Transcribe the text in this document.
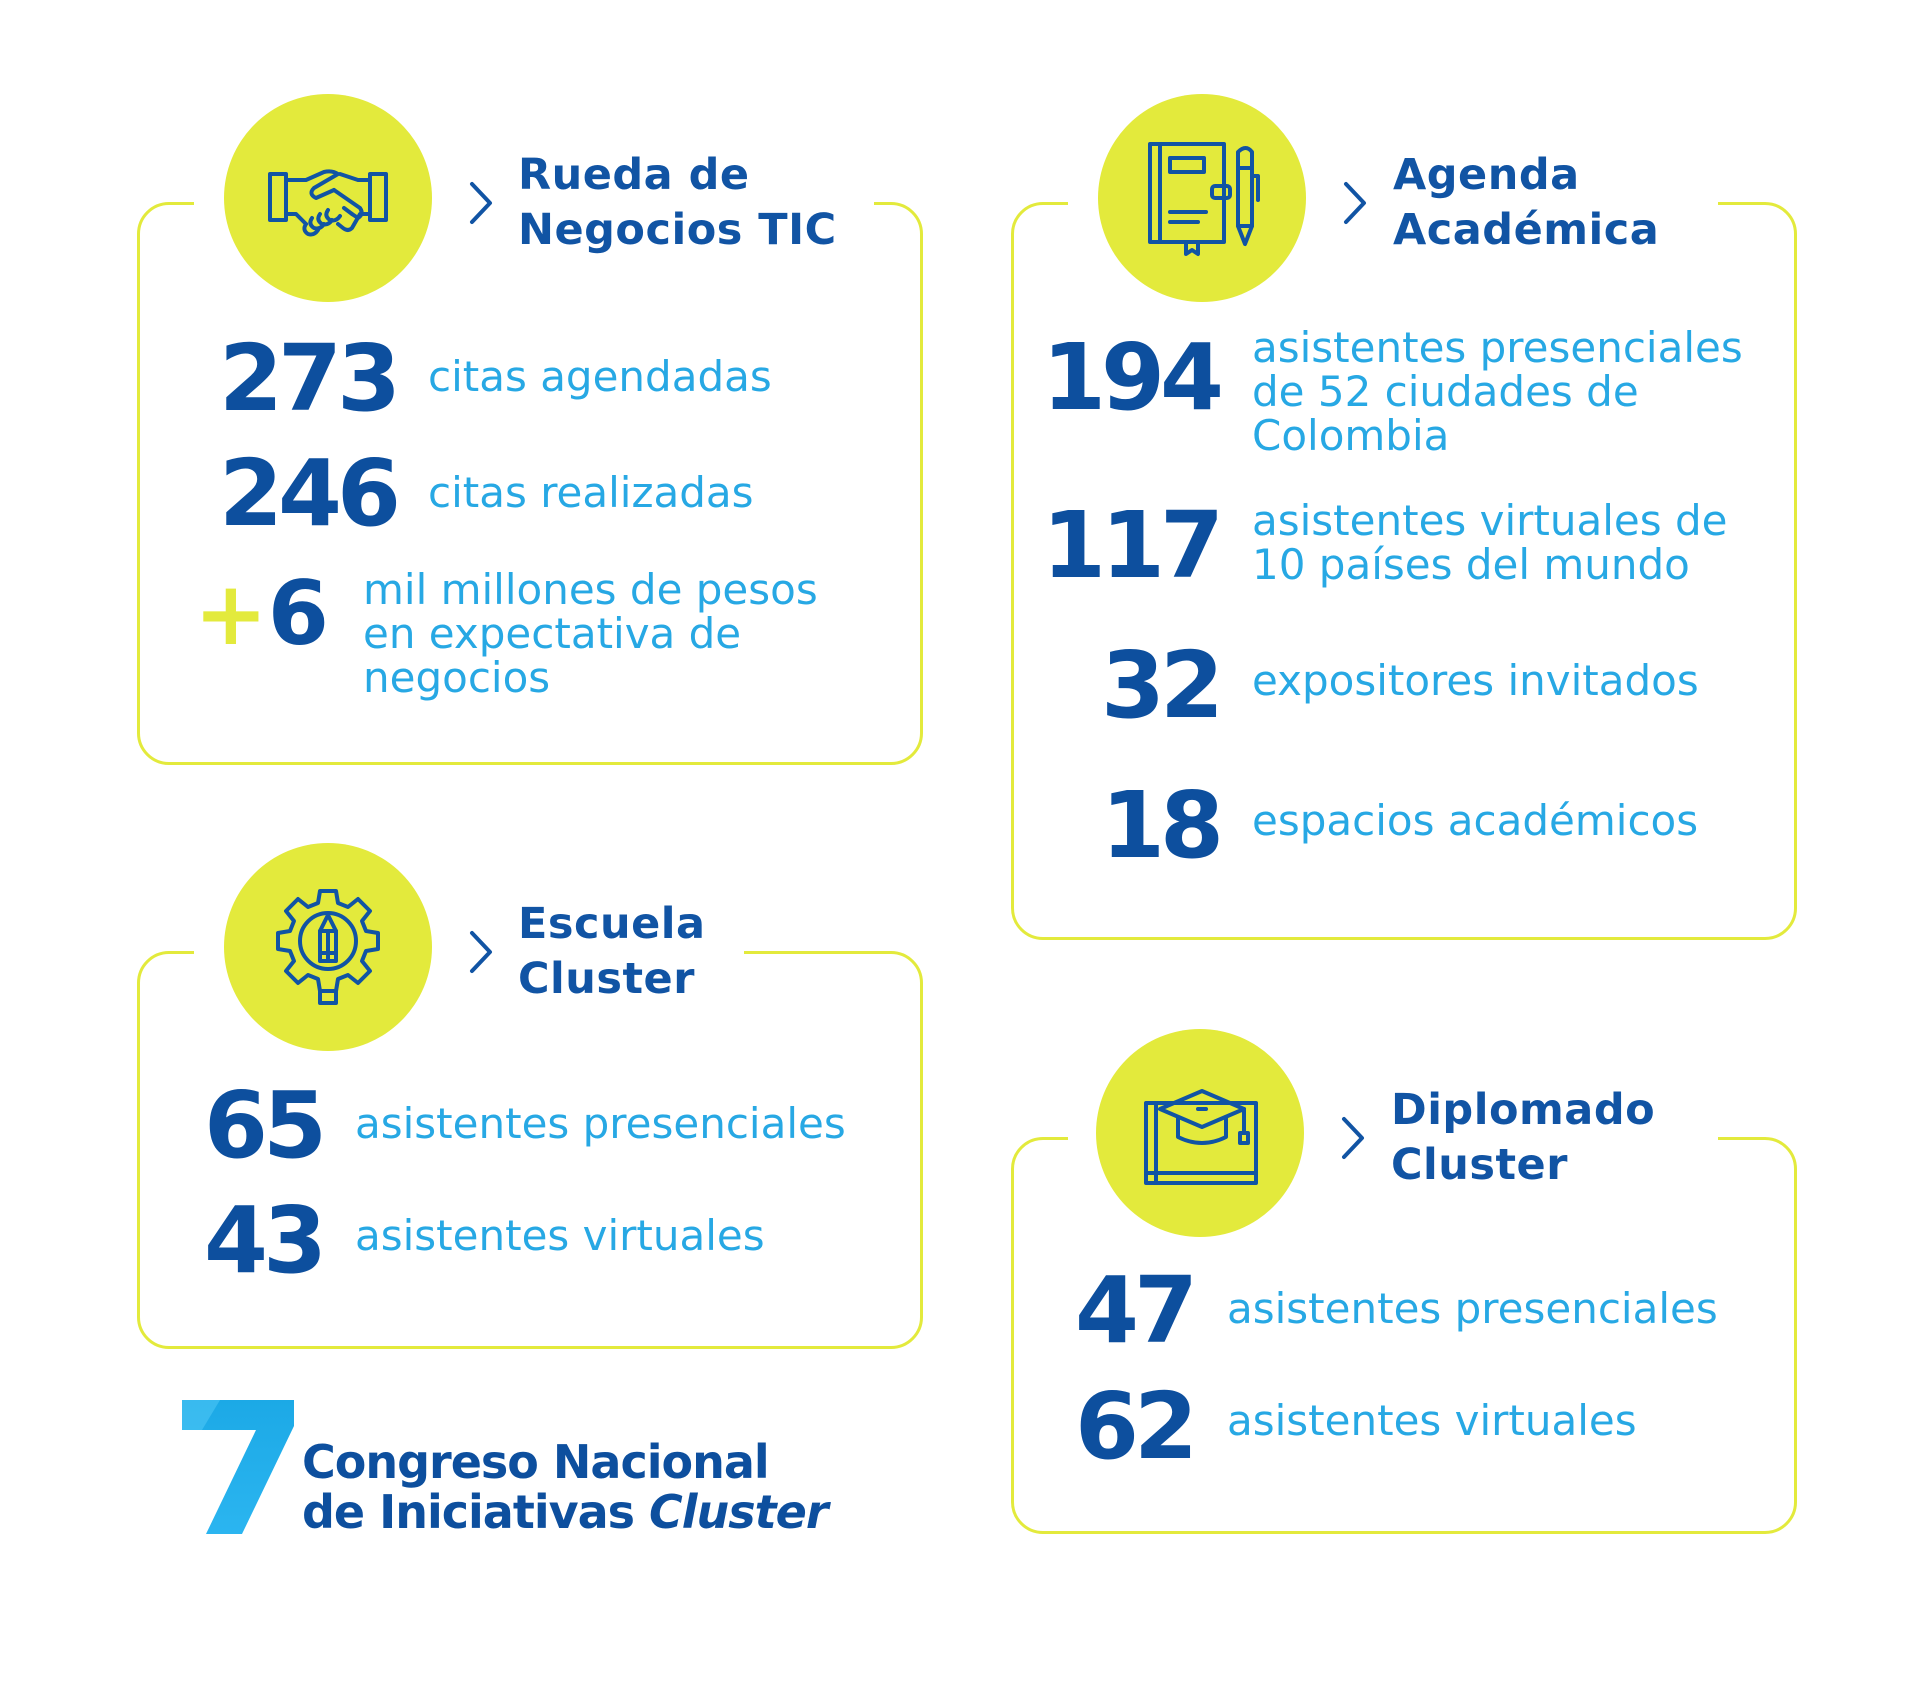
Rueda de
Negocios TIC
273 citas agendadas
246 citas realizadas
+6 mil millones de pesos
en expectativa de
negocios
Agenda
Académica
194 asistentes presenciales
de 52 ciudades de
Colombia
117 asistentes virtuales de
10 países del mundo
32 expositores invitados
18 espacios académicos
Escuela
Cluster
65 asistentes presenciales
43 asistentes virtuales
Diplomado
Cluster
47 asistentes presenciales
62 asistentes virtuales
Congreso Nacional
de Iniciativas Cluster
